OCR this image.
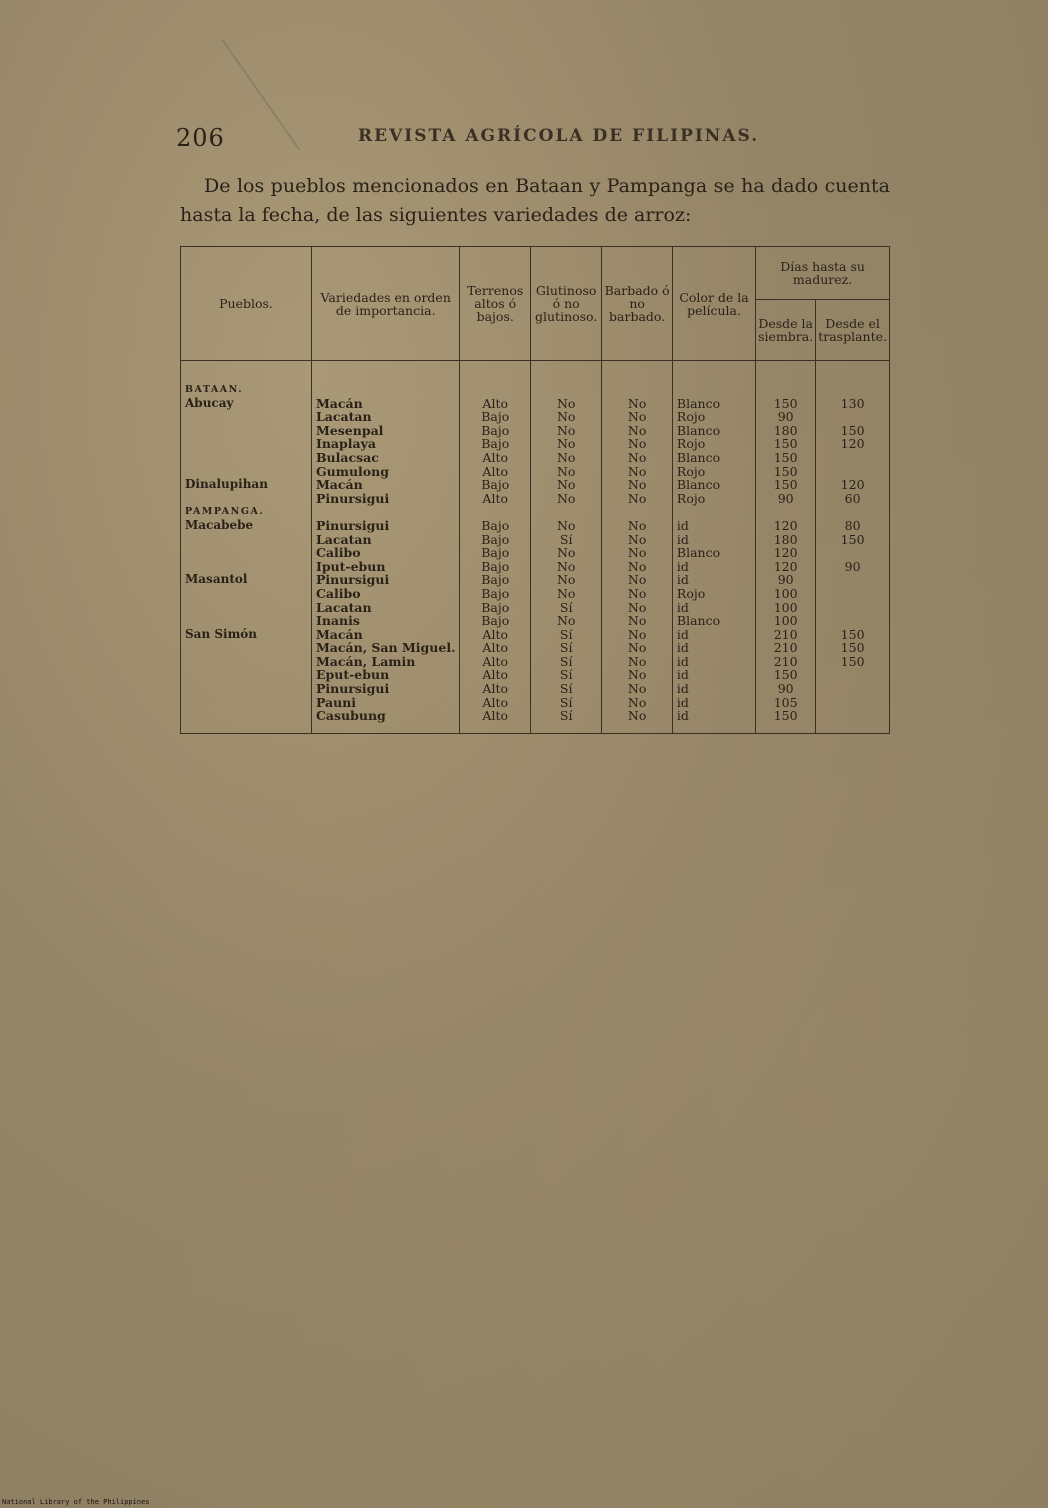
206	REVISTA AGRÍCOLA DE FILIPINAS.

De los pueblos mencionados en Bataan y Pampanga se ha dado cuenta hasta la fecha, de las siguientes variedades de arroz:

Pueblos.	Variedades en orden de importancia.	Terrenos altos ó bajos.	Glutinoso ó no glutinoso.	Barbado ó no barbado.	Color de la película.	Días hasta su madurez.	
						Desde la siembra.	Desde el trasplante.

BATAAN.							
Abucay	Macán	Alto	No	No	Blanco	150	130
	Lacatan	Bajo	No	No	Rojo	90	
	Mesenpal	Bajo	No	No	Blanco	180	150
	Inaplaya	Bajo	No	No	Rojo	150	120
	Bulacsac	Alto	No	No	Blanco	150	
	Gumulong	Alto	No	No	Rojo	150	
Dinalupihan	Macán	Bajo	No	No	Blanco	150	120
	Pinursigui	Alto	No	No	Rojo	90	60
PAMPANGA.							
Macabebe	Pinursigui	Bajo	No	No	id	120	80
	Lacatan	Bajo	Sí	No	id	180	150
	Calibo	Bajo	No	No	Blanco	120	
	Iput-ebun	Bajo	No	No	id	120	90
Masantol	Pinursigui	Bajo	No	No	id	90	
	Calibo	Bajo	No	No	Rojo	100	
	Lacatan	Bajo	Sí	No	id	100	
	Inanis	Bajo	No	No	Blanco	100	
San Simón	Macán	Alto	Sí	No	id	210	150
	Macán, San Miguel.	Alto	Sí	No	id	210	150
	Macán, Lamin	Alto	Sí	No	id	210	150
	Eput-ebun	Alto	Sí	No	id	150	
	Pinursigui	Alto	Sí	No	id	90	
	Pauni	Alto	Sí	No	id	105	
	Casubung	Alto	Sí	No	id	150	
National Library of the Philippines
